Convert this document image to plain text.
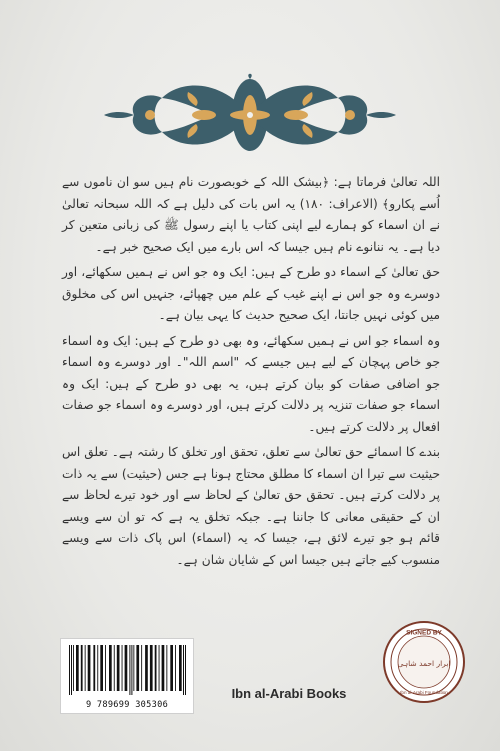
اللہ تعالیٰ فرماتا ہے: ﴿بیشک اللہ کے خوبصورت نام ہیں سو ان ناموں سے اُسے پکارو﴾ (الاعراف: ۱۸۰) یہ اس بات کی دلیل ہے کہ اللہ سبحانہ تعالیٰ نے ان اسماء کو ہمارے لیے اپنی کتاب یا اپنے رسول ﷺ کی زبانی متعین کر دیا ہے۔ یہ ننانوے نام ہیں جیسا کہ اس بارے میں ایک صحیح خبر ہے۔

حق تعالیٰ کے اسماء دو طرح کے ہیں: ایک وہ جو اس نے ہمیں سکھائے، اور دوسرے وہ جو اس نے اپنے غیب کے علم میں چھپائے، جنہیں اس کی مخلوق میں کوئی نہیں جانتا، ایک صحیح حدیث کا یہی بیان ہے۔

وہ اسماء جو اس نے ہمیں سکھائے، وہ بھی دو طرح کے ہیں: ایک وہ اسماء جو خاص پہچان کے لیے ہیں جیسے کہ "اسم اللہ"۔ اور دوسرے وہ اسماء جو اضافی صفات کو بیان کرتے ہیں، یہ بھی دو طرح کے ہیں: ایک وہ اسماء جو صفات تنزیہ پر دلالت کرتے ہیں، اور دوسرے وہ اسماء جو صفات افعال پر دلالت کرتے ہیں۔

بندے کا اسمائے حق تعالیٰ سے تعلق، تحقق اور تخلق کا رشتہ ہے۔ تعلق اس حیثیت سے تیرا ان اسماء کا مطلق محتاج ہونا ہے جس (حیثیت) سے یہ ذات پر دلالت کرتے ہیں۔ تحقق حق تعالیٰ کے لحاظ سے اور خود تیرے لحاظ سے ان کے حقیقی معانی کا جاننا ہے۔ جبکہ تخلق یہ ہے کہ تو ان سے ویسے قائم ہو جو تیرے لائق ہے، جیسا کہ یہ (اسماء) اس پاک ذات سے ویسے منسوب کیے جاتے ہیں جیسا اس کے شایان شان ہے۔

9 789699 305306
Ibn al-Arabi Books
SIGNED BY
ابرار احمد شاہی
Ibn al-Arabi Foundation
